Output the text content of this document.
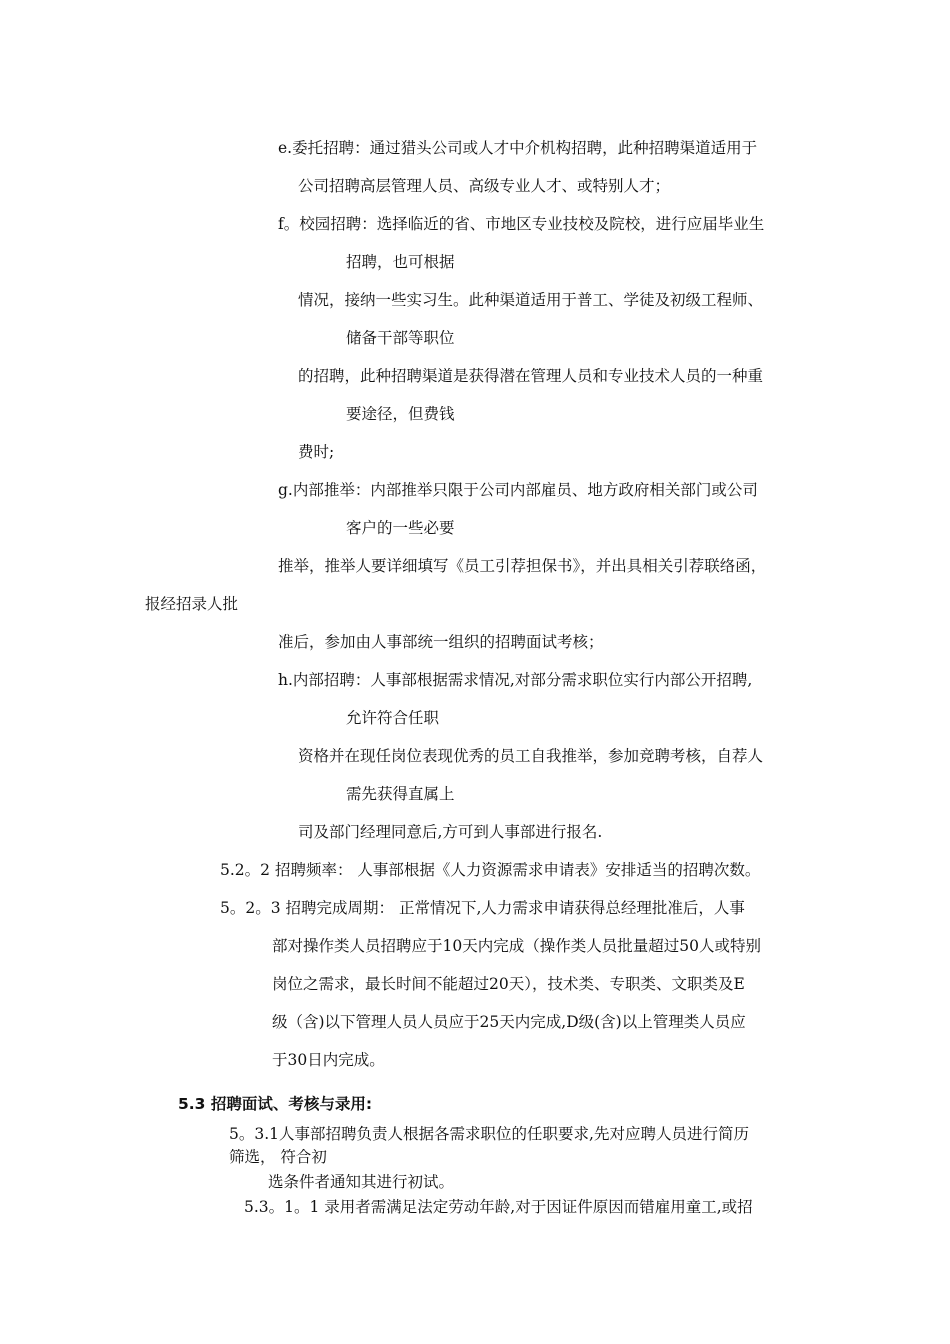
e.委托招聘：通过猎头公司或人才中介机构招聘，此种招聘渠道适用于
公司招聘高层管理人员、高级专业人才、或特别人才；
f。校园招聘：选择临近的省、市地区专业技校及院校，进行应届毕业生
招聘，也可根据
情况，接纳一些实习生。此种渠道适用于普工、学徒及初级工程师、
储备干部等职位
的招聘，此种招聘渠道是获得潜在管理人员和专业技术人员的一种重
要途径，但费钱
费时;
g.内部推举：内部推举只限于公司内部雇员、地方政府相关部门或公司
客户的一些必要
推举，推举人要详细填写《员工引荐担保书》，并出具相关引荐联络函，
报经招录人批
准后，参加由人事部统一组织的招聘面试考核；
h.内部招聘：人事部根据需求情况,对部分需求职位实行内部公开招聘,
允许符合任职
资格并在现任岗位表现优秀的员工自我推举，参加竞聘考核，自荐人
需先获得直属上
司及部门经理同意后,方可到人事部进行报名.
5.2。2 招聘频率： 人事部根据《人力资源需求申请表》安排适当的招聘次数。
5。2。3 招聘完成周期： 正常情况下,人力需求申请获得总经理批准后，人事
部对操作类人员招聘应于10天内完成（操作类人员批量超过50人或特别
岗位之需求，最长时间不能超过20天），技术类、专职类、文职类及E
级（含)以下管理人员人员应于25天内完成,D级(含)以上管理类人员应
于30日内完成。
5.3 招聘面试、考核与录用:
5。3.1人事部招聘负责人根据各需求职位的任职要求,先对应聘人员进行简历
筛选， 符合初
选条件者通知其进行初试。
5.3。1。1 录用者需满足法定劳动年龄,对于因证件原因而错雇用童工,或招
